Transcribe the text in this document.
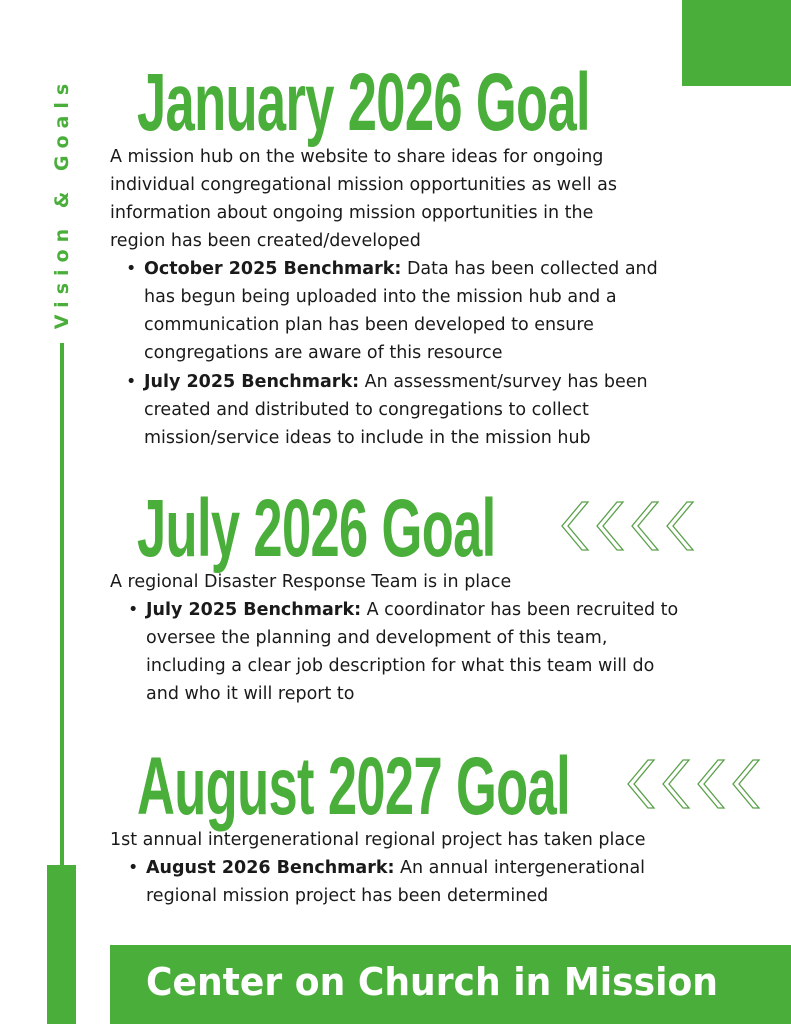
Vision & Goals January 2026 Goal
A mission hub on the website to share ideas for ongoing
individual congregational mission opportunities as well as
information about ongoing mission opportunities in the
region has been created/developed
• October 2025 Benchmark: Data has been collected and
has begun being uploaded into the mission hub and a
communication plan has been developed to ensure
congregations are aware of this resource
• July 2025 Benchmark: An assessment/survey has been
created and distributed to congregations to collect
mission/service ideas to include in the mission hub
July 2026 Goal
A regional Disaster Response Team is in place
• July 2025 Benchmark: A coordinator has been recruited to
oversee the planning and development of this team,
including a clear job description for what this team will do
and who it will report to
August 2027 Goal
1st annual intergenerational regional project has taken place
• August 2026 Benchmark: An annual intergenerational
regional mission project has been determined
Center on Church in Mission
